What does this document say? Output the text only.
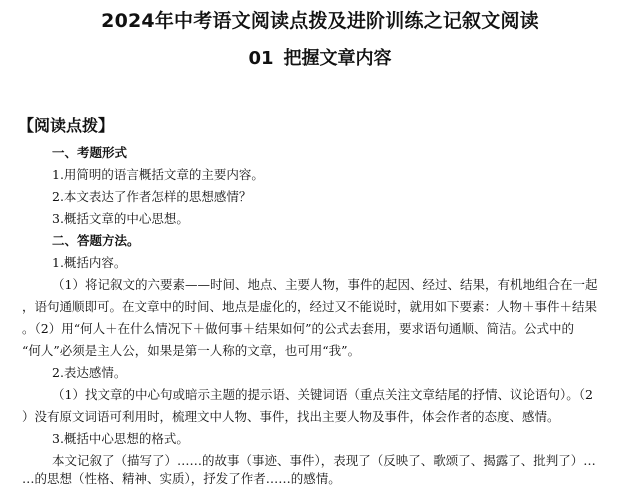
2024年中考语文阅读点拨及进阶训练之记叙文阅读
01 把握文章内容
【阅读点拨】
一、考题形式
1.用简明的语言概括文章的主要内容。
2.本文表达了作者怎样的思想感情？
3.概括文章的中心思想。
二、答题方法。
1.概括内容。
（1）将记叙文的六要素——时间、地点、主要人物，事件的起因、经过、结果，有机地组合在一起
，语句通顺即可。在文章中的时间、地点是虚化的，经过又不能说时，就用如下要素：人物＋事件＋结果
。（2）用“何人＋在什么情况下＋做何事＋结果如何”的公式去套用，要求语句通顺、简洁。公式中的
“何人”必须是主人公，如果是第一人称的文章，也可用“我”。
2.表达感情。
（1）找文章的中心句或暗示主题的提示语、关键词语（重点关注文章结尾的抒情、议论语句）。（2
）没有原文词语可利用时，梳理文中人物、事件，找出主要人物及事件，体会作者的态度、感情。
3.概括中心思想的格式。
本文记叙了（描写了）……的故事（事迹、事件），表现了（反映了、歌颂了、揭露了、批判了）…
…的思想（性格、精神、实质），抒发了作者……的感情。
